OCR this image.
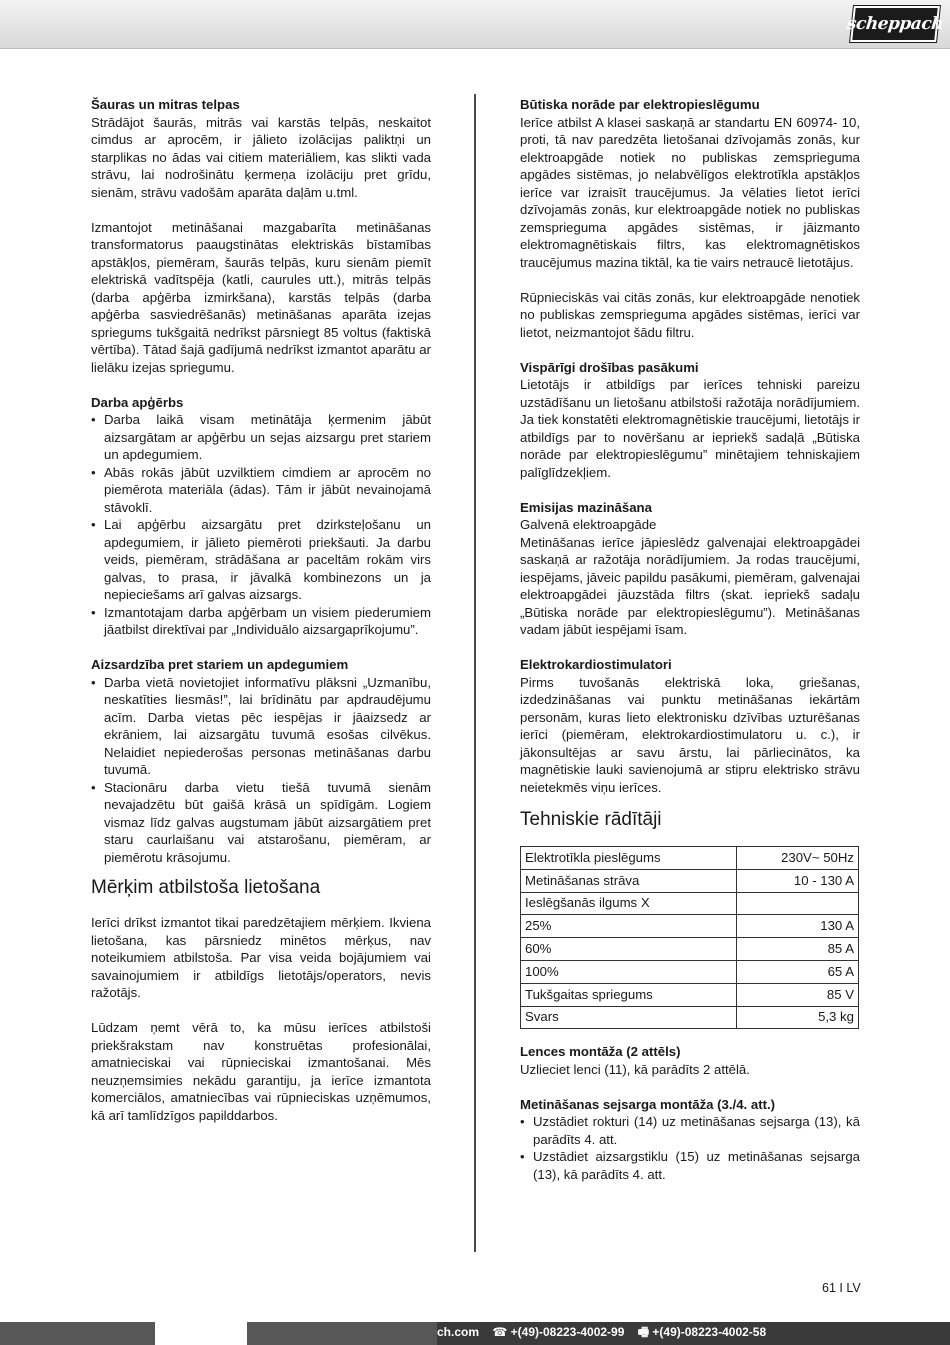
scheppach
Šauras un mitras telpas

Strādājot šaurās, mitrās vai karstās telpās, neskaitot cimdus ar aprocēm, ir jālieto izolācijas paliktņi un starplikas no ādas vai citiem materiāliem, kas slikti vada strāvu, lai nodrošinātu ķermeņa izolāciju pret grīdu, sienām, strāvu vadošām aparāta daļām u.tml.

Izmantojot metināšanai mazgabarīta metināšanas transformatorus paaugstinātas elektriskās bīstamības apstākļos, piemēram, šaurās telpās, kuru sienām piemīt elektriskā vadītspēja (katli, caurules utt.), mitrās telpās (darba apģērba izmirkšana), karstās telpās (darba apģērba sasviedrēšanās) metināšanas aparāta izejas spriegums tukšgaitā nedrīkst pārsniegt 85 voltus (faktiskā vērtība). Tātad šajā gadījumā nedrīkst izmantot aparātu ar lielāku izejas spriegumu.

Darba apģērbs
• Darba laikā visam metinātāja ķermenim jābūt aizsargātam ar apģērbu un sejas aizsargu pret stariem un apdegumiem.
• Abās rokās jābūt uzvilktiem cimdiem ar aprocēm no piemērota materiāla (ādas). Tām ir jābūt nevainojamā stāvoklī.
• Lai apģērbu aizsargātu pret dzirksteļošanu un apdegumiem, ir jālieto piemēroti priekšauti. Ja darbu veids, piemēram, strādāšana ar paceltām rokām virs galvas, to prasa, ir jāvalkā kombinezons un ja nepieciešams arī galvas aizsargs.
• Izmantotajam darba apģērbam un visiem piederumiem jāatbilst direktīvai par „Individuālo aizsargaprīkojumu”.
Aizsardzība pret stariem un apdegumiem
• Darba vietā novietojiet informatīvu plāksni „Uzmanību, neskatīties liesmās!”, lai brīdinātu par apdraudējumu acīm. Darba vietas pēc iespējas ir jāaizsedz ar ekrāniem, lai aizsargātu tuvumā esošas cilvēkus. Nelaidiet nepiederošas personas metināšanas darbu tuvumā.
• Stacionāru darba vietu tiešā tuvumā sienām nevajadzētu būt gaišā krāsā un spīdīgām. Logiem vismaz līdz galvas augstumam jābūt aizsargātiem pret staru caurlaišanu vai atstarošanu, piemēram, ar piemērotu krāsojumu.
Mērķim atbilstoša lietošana

Ierīci drīkst izmantot tikai paredzētajiem mērķiem. Ikviena lietošana, kas pārsniedz minētos mērķus, nav noteikumiem atbilstoša. Par visa veida bojājumiem vai savainojumiem ir atbildīgs lietotājs/operators, nevis ražotājs.

Lūdzam ņemt vērā to, ka mūsu ierīces atbilstoši priekšrakstam nav konstruētas profesionālai, amatnieciskai vai rūpnieciskai izmantošanai. Mēs neuzņemsimies nekādu garantiju, ja ierīce izmantota komerciālos, amatniecības vai rūpnieciskas uzņēmumos, kā arī tamlīdzīgos papilddarbos.

Būtiska norāde par elektropieslēgumu

Ierīce atbilst A klasei saskaņā ar standartu EN 60974- 10, proti, tā nav paredzēta lietošanai dzīvojamās zonās, kur elektroapgāde notiek no publiskas zemsprieguma apgādes sistēmas, jo nelabvēlīgos elektrotīkla apstākļos ierīce var izraisīt traucējumus. Ja vēlaties lietot ierīci dzīvojamās zonās, kur elektroapgāde notiek no publiskas zemsprieguma apgādes sistēmas, ir jāizmanto elektromagnētiskais filtrs, kas elektromagnētiskos traucējumus mazina tiktāl, ka tie vairs netraucē lietotājus.

Rūpnieciskās vai citās zonās, kur elektroapgāde nenotiek no publiskas zemsprieguma apgādes sistēmas, ierīci var lietot, neizmantojot šādu filtru.

Vispārīgi drošības pasākumi

Lietotājs ir atbildīgs par ierīces tehniski pareizu uzstādīšanu un lietošanu atbilstoši ražotāja norādījumiem. Ja tiek konstatēti elektromagnētiskie traucējumi, lietotājs ir atbildīgs par to novēršanu ar iepriekš sadaļā „Būtiska norāde par elektropieslēgumu” minētajiem tehniskajiem palīglīdzekļiem.

Emisijas mazināšana

Galvenā elektroapgāde

Metināšanas ierīce jāpieslēdz galvenajai elektroapgādei saskaņā ar ražotāja norādījumiem. Ja rodas traucējumi, iespējams, jāveic papildu pasākumi, piemēram, galvenajai elektroapgādei jāuzstāda filtrs (skat. iepriekš sadaļu „Būtiska norāde par elektropieslēgumu”). Metināšanas vadam jābūt iespējami īsam.

Elektrokardiostimulatori

Pirms tuvošanās elektriskā loka, griešanas, izdedzināšanas vai punktu metināšanas iekārtām personām, kuras lieto elektronisku dzīvības uzturēšanas ierīci (piemēram, elektrokardiostimulatoru u. c.), ir jākonsultējas ar savu ārstu, lai pārliecinātos, ka magnētiskie lauki savienojumā ar stipru elektrisko strāvu neietekmēs viņu ierīces.

Tehniskie rādītāji
Elektrotīkla pieslēgums	230V~ 50Hz
Metināšanas strāva	10 - 130 A
Ieslēgšanās ilgums X	
25%	130 A
60%	85 A
100%	65 A
Tukšgaitas spriegums	85 V
Svars	5,3 kg
Lences montāža (2 attēls)

Uzlieciet lenci (11), kā parādīts 2 attēlā.

Metināšanas sejsarga montāža (3./4. att.)
• Uzstādiet rokturi (14) uz metināšanas sejsarga (13), kā parādīts 4. att.
• Uzstādiet aizsargstiklu (15) uz metināšanas sejsarga (13), kā parādīts 4. att.
61 I LV
ch.com ☎ +(49)-08223-4002-99 🖷 +(49)-08223-4002-58
